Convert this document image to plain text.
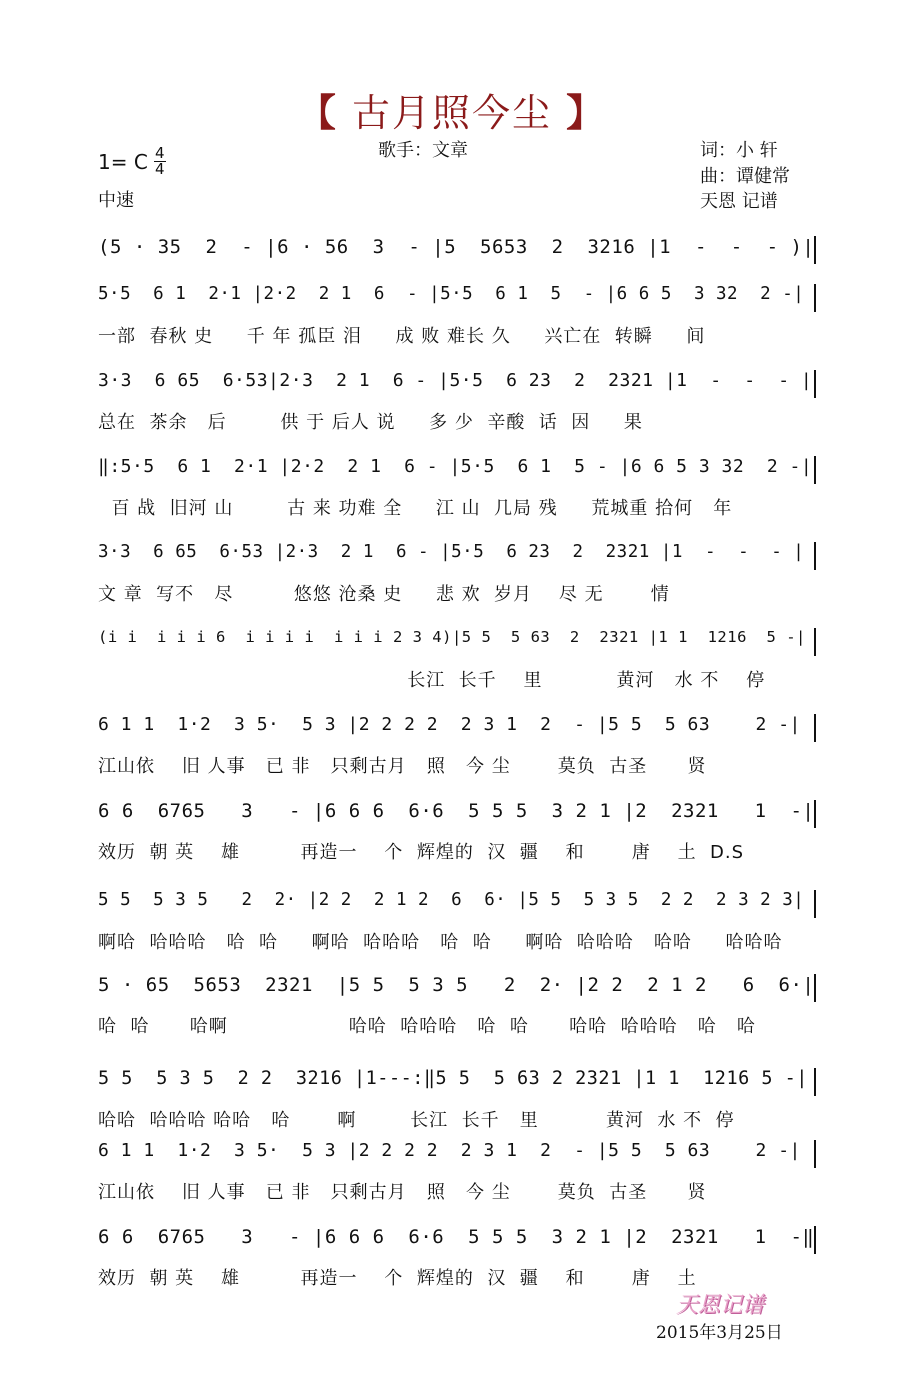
【 古月照今尘 】
1= C $\frac{4}{4}$
中速
歌手：文章	词：小 轩
曲：谭健常
天恩 记谱
(5 · 35  2  - |6 · 56  3  - |5  5653  2  3216 |1  -  -  - )|
5·5  6 1  2·1 |2·2  2 1  6  - |5·5  6 1  5  - |6 6 5  3 32  2 -|
一部  春秋 史     千 年 孤臣 泪     成 败 难长 久     兴亡在  转瞬     间
3·3  6 65  6·53|2·3  2 1  6 - |5·5  6 23  2  2321 |1  -  -  - |
总在  茶余   后        供 于 后人 说     多 少  辛酸  话  因     果
‖:5·5  6 1  2·1 |2·2  2 1  6 - |5·5  6 1  5 - |6 6 5 3 32  2 -|
百 战  旧河 山        古 来 功难 全     江 山  几局 残     荒城重 拾何   年
3·3  6 65  6·53 |2·3  2 1  6 - |5·5  6 23  2  2321 |1  -  -  - |
文 章  写不   尽         悠悠 沧桑 史     悲 欢  岁月    尽 无       情
(i i  i i i 6  i i i i  i i i 2 3 4)|5 5  5 63  2  2321 |1 1  1216  5 -|
长江  长千    里           黄河   水 不    停
6 1 1  1·2  3 5·  5 3 |2 2 2 2  2 3 1  2  - |5 5  5 63    2 -|
江山依    旧 人事   已 非   只剩古月   照   今 尘       莫负  古圣      贤
6 6  6765   3   - |6 6 6  6·6  5 5 5  3 2 1 |2  2321   1  -|
效历  朝 英    雄         再造一    个  辉煌的  汉  疆    和       唐    土  D.S
5 5  5 3 5   2  2· |2 2  2 1 2  6  6· |5 5  5 3 5  2 2  2 3 2 3|
啊哈  哈哈哈   哈  哈     啊哈  哈哈哈   哈  哈     啊哈  哈哈哈   哈哈     哈哈哈
5 · 65  5653  2321  |5 5  5 3 5   2  2· |2 2  2 1 2   6  6·|
哈  哈      哈啊                  哈哈  哈哈哈   哈  哈      哈哈  哈哈哈   哈   哈
5 5  5 3 5  2 2  3216 |1---:‖5 5  5 63 2 2321 |1 1  1216 5 -|
哈哈  哈哈哈 哈哈   哈       啊        长江  长千   里          黄河  水 不  停
6 1 1  1·2  3 5·  5 3 |2 2 2 2  2 3 1  2  - |5 5  5 63    2 -|
江山依    旧 人事   已 非   只剩古月   照   今 尘       莫负  古圣      贤
6 6  6765   3   - |6 6 6  6·6  5 5 5  3 2 1 |2  2321   1  -‖
效历  朝 英    雄         再造一    个  辉煌的  汉  疆    和       唐    土
天恩记谱
2015年3月25日
